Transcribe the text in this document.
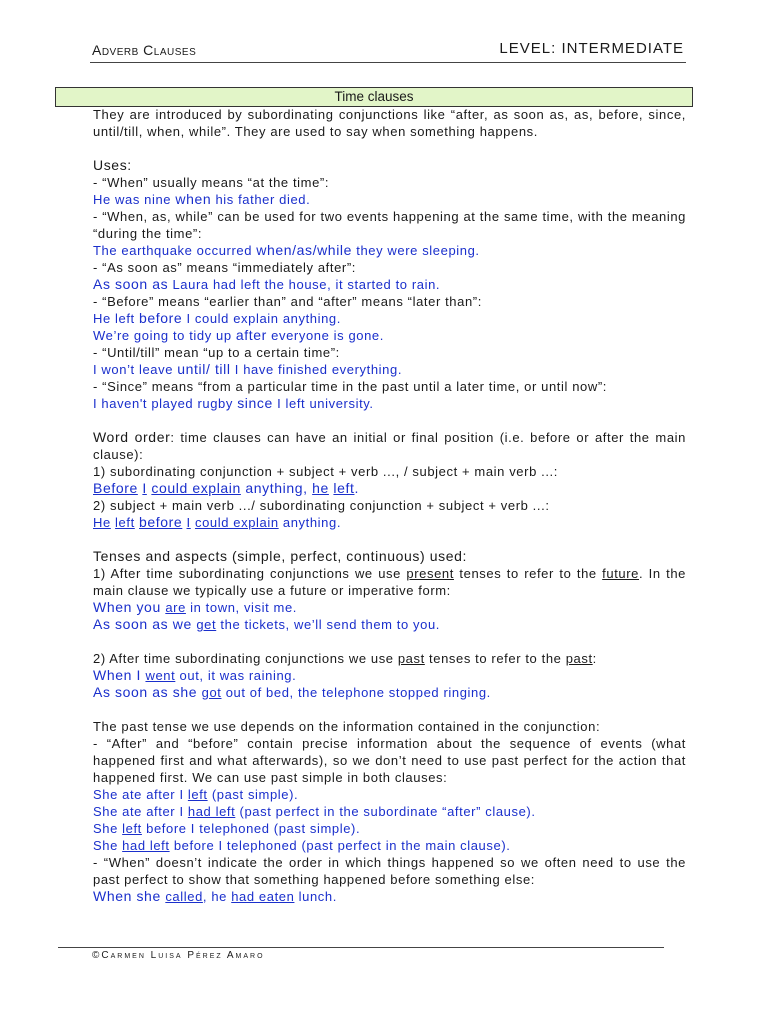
Adverb Clauses	LEVEL: INTERMEDIATE
Time clauses

They are introduced by subordinating conjunctions like “after, as soon as, as, before, since, until/till, when, while”. They are used to say when something happens.

Uses:

- “When” usually means “at the time”:

He was nine when his father died.

- “When, as, while” can be used for two events happening at the same time, with the meaning “during the time”:

The earthquake occurred when/as/while they were sleeping.

- “As soon as” means “immediately after”:

As soon as Laura had left the house, it started to rain.

- “Before” means “earlier than” and “after” means “later than”:

He left before I could explain anything.

We’re going to tidy up after everyone is gone.

- “Until/till” mean “up to a certain time”:

I won’t leave until/ till I have finished everything.

- “Since” means “from a particular time in the past until a later time, or until now”:

I haven't played rugby since I left university.

Word order: time clauses can have an initial or final position (i.e. before or after the main clause):

1) subordinating conjunction + subject + verb ..., / subject + main verb ...:

Before I could explain anything, he left.

2) subject + main verb .../ subordinating conjunction + subject + verb ...:

He left before I could explain anything.

Tenses and aspects (simple, perfect, continuous) used:

1) After time subordinating conjunctions we use present tenses to refer to the future. In the main clause we typically use a future or imperative form:

When you are in town, visit me.

As soon as we get the tickets, we’ll send them to you.

2) After time subordinating conjunctions we use past tenses to refer to the past:

When I went out, it was raining.

As soon as she got out of bed, the telephone stopped ringing.

The past tense we use depends on the information contained in the conjunction:

- “After” and “before” contain precise information about the sequence of events (what happened first and what afterwards), so we don’t need to use past perfect for the action that happened first. We can use past simple in both clauses:

She ate after I left (past simple).

She ate after I had left (past perfect in the subordinate “after” clause).

She left before I telephoned (past simple).

She had left before I telephoned (past perfect in the main clause).

- “When” doesn’t indicate the order in which things happened so we often need to use the past perfect to show that something happened before something else:

When she called, he had eaten lunch.

©Carmen Luisa Pérez Amaro
